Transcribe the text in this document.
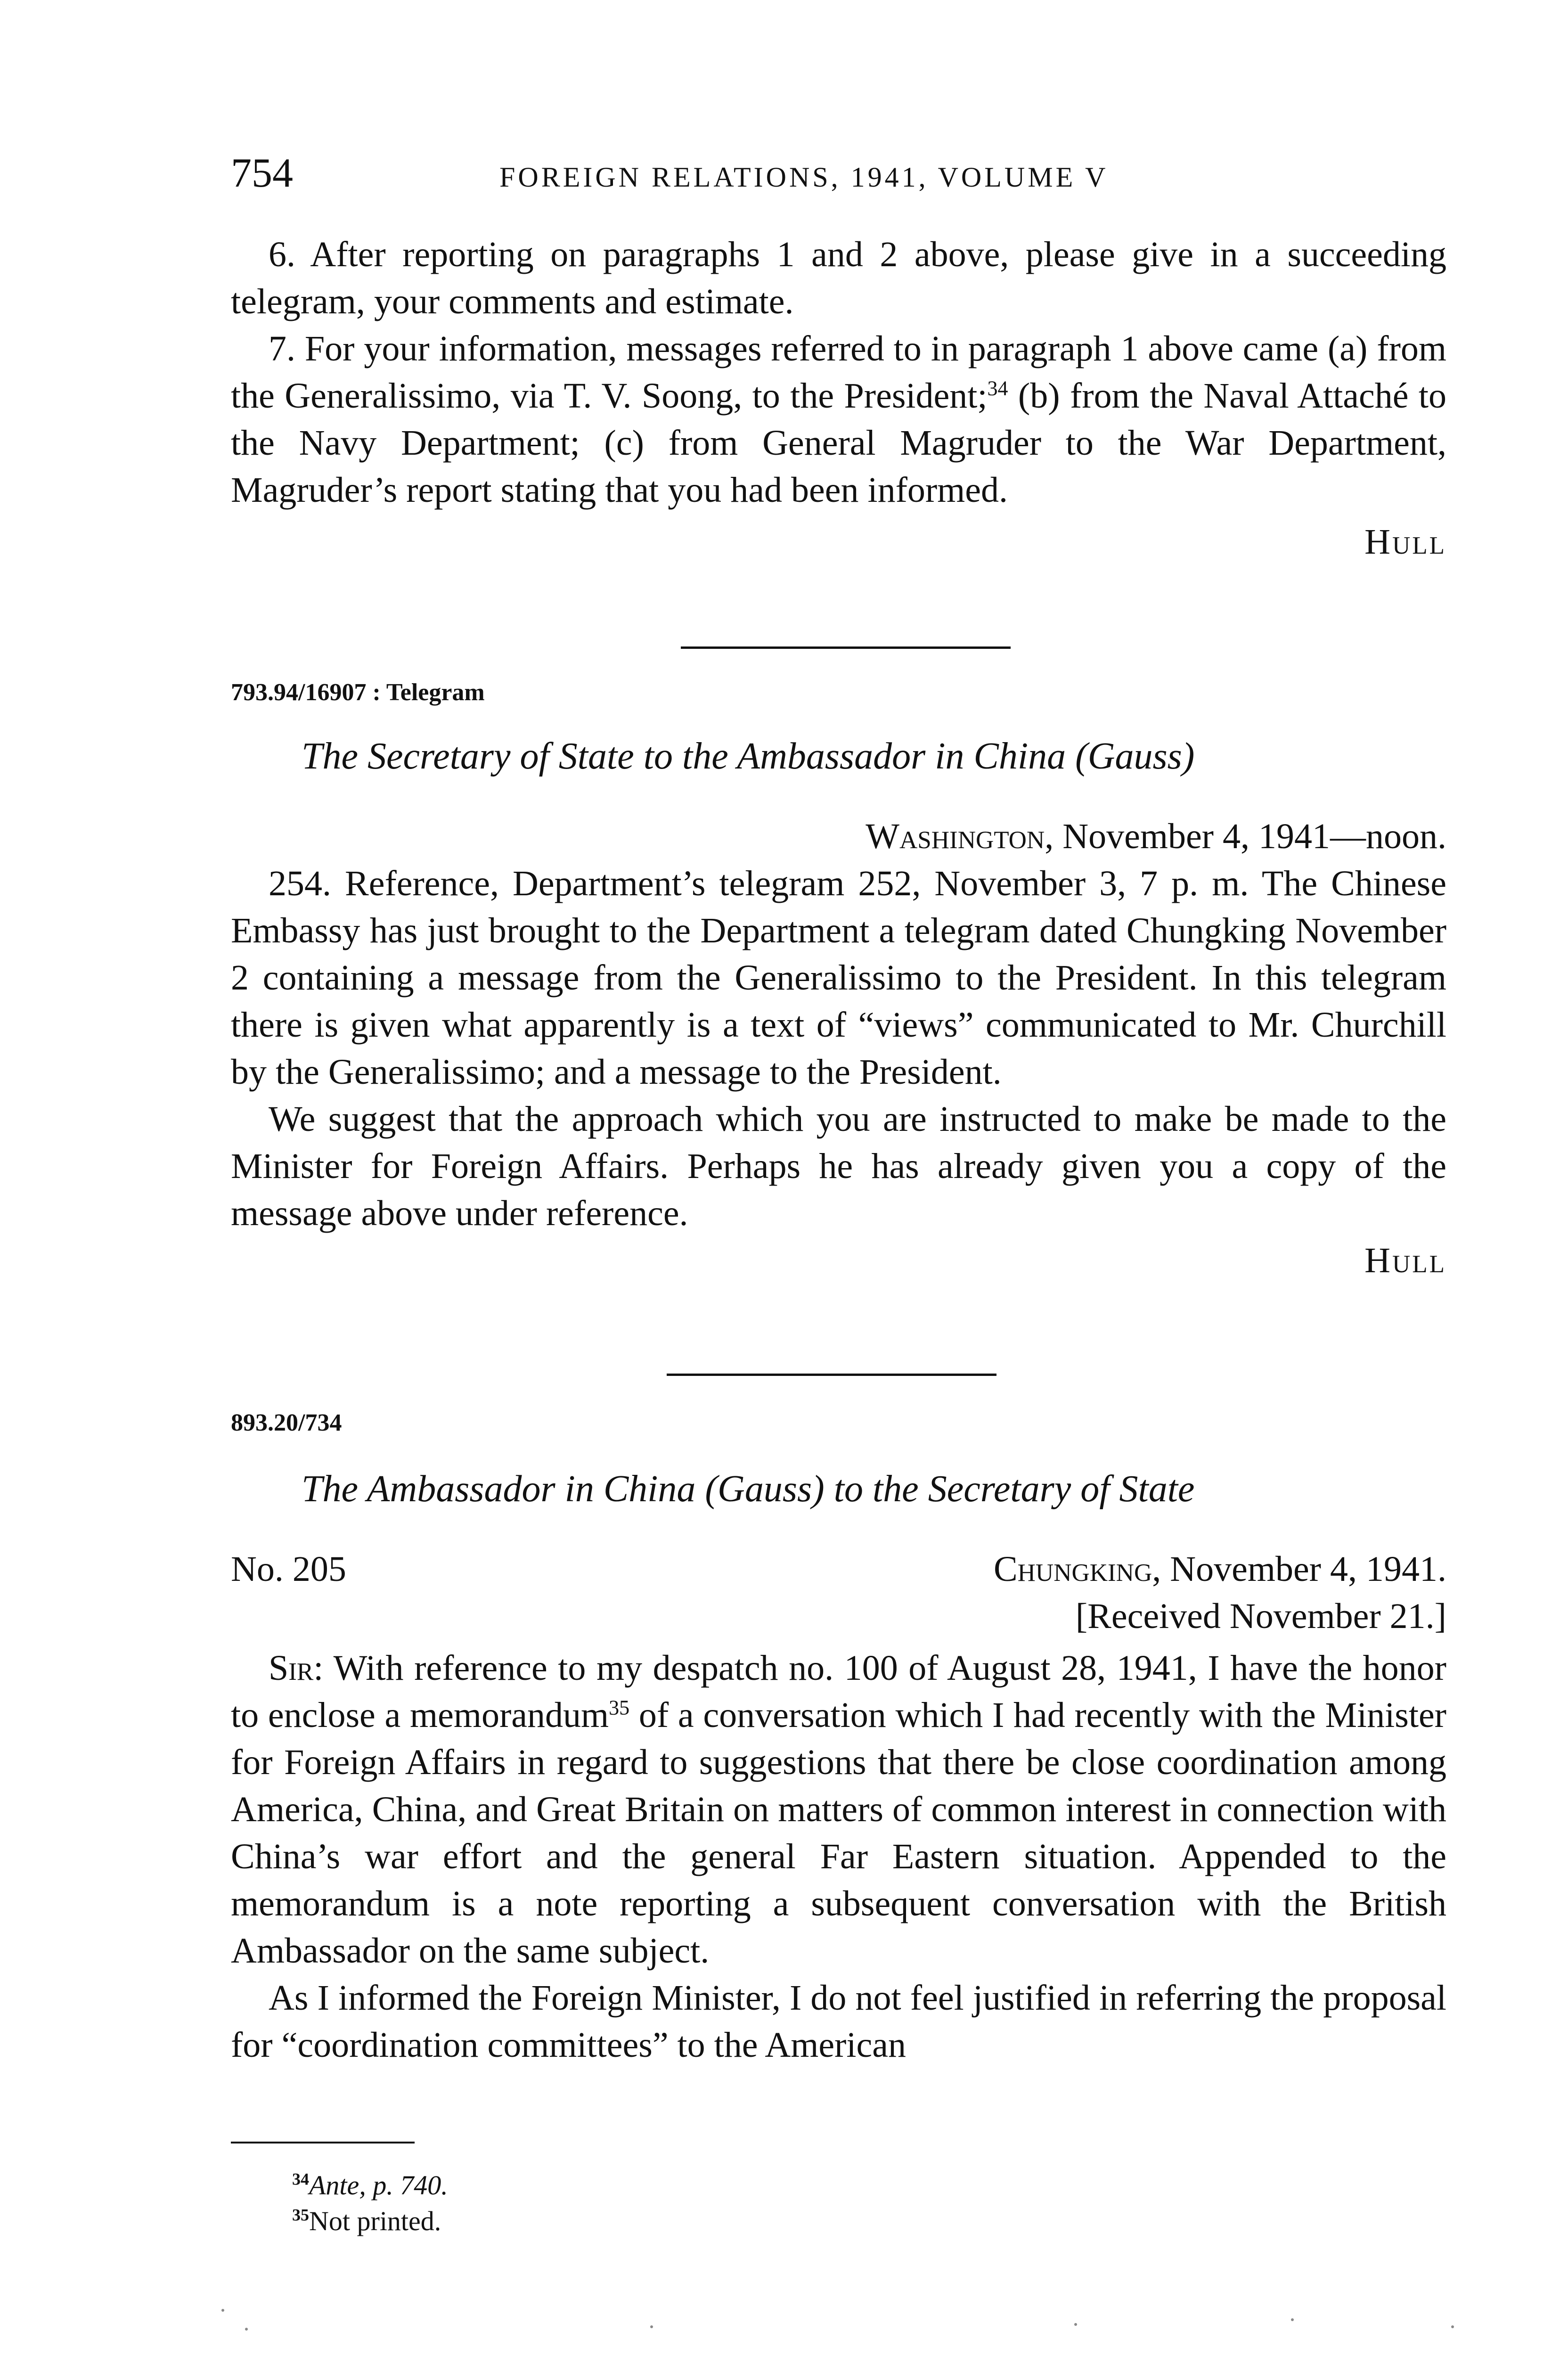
754	FOREIGN RELATIONS, 1941, VOLUME V

6. After reporting on paragraphs 1 and 2 above, please give in a succeeding telegram, your comments and estimate.

7. For your information, messages referred to in paragraph 1 above came (a) from the Generalissimo, via T. V. Soong, to the President;$^{34}$ (b) from the Naval Attaché to the Navy Department; (c) from General Magruder to the War Department, Magruder’s report stating that you had been informed.

Hull
793.94/16907 : Telegram
The Secretary of State to the Ambassador in China (Gauss)
Washington, November 4, 1941—noon.

254. Reference, Department’s telegram 252, November 3, 7 p. m. The Chinese Embassy has just brought to the Department a telegram dated Chungking November 2 containing a message from the Generalissimo to the President. In this telegram there is given what apparently is a text of “views” communicated to Mr. Churchill by the Generalissimo; and a message to the President.

We suggest that the approach which you are instructed to make be made to the Minister for Foreign Affairs. Perhaps he has already given you a copy of the message above under reference.

Hull
893.20/734
The Ambassador in China (Gauss) to the Secretary of State
No. 205	Chungking, November 4, 1941.
[Received November 21.]

Sir: With reference to my despatch no. 100 of August 28, 1941, I have the honor to enclose a memorandum$^{35}$ of a conversation which I had recently with the Minister for Foreign Affairs in regard to suggestions that there be close coordination among America, China, and Great Britain on matters of common interest in connection with China’s war effort and the general Far Eastern situation. Appended to the memorandum is a note reporting a subsequent conversation with the British Ambassador on the same subject.

As I informed the Foreign Minister, I do not feel justified in referring the proposal for “coordination committees” to the American

$^{34}$Ante, p. 740.
$^{35}$Not printed.
